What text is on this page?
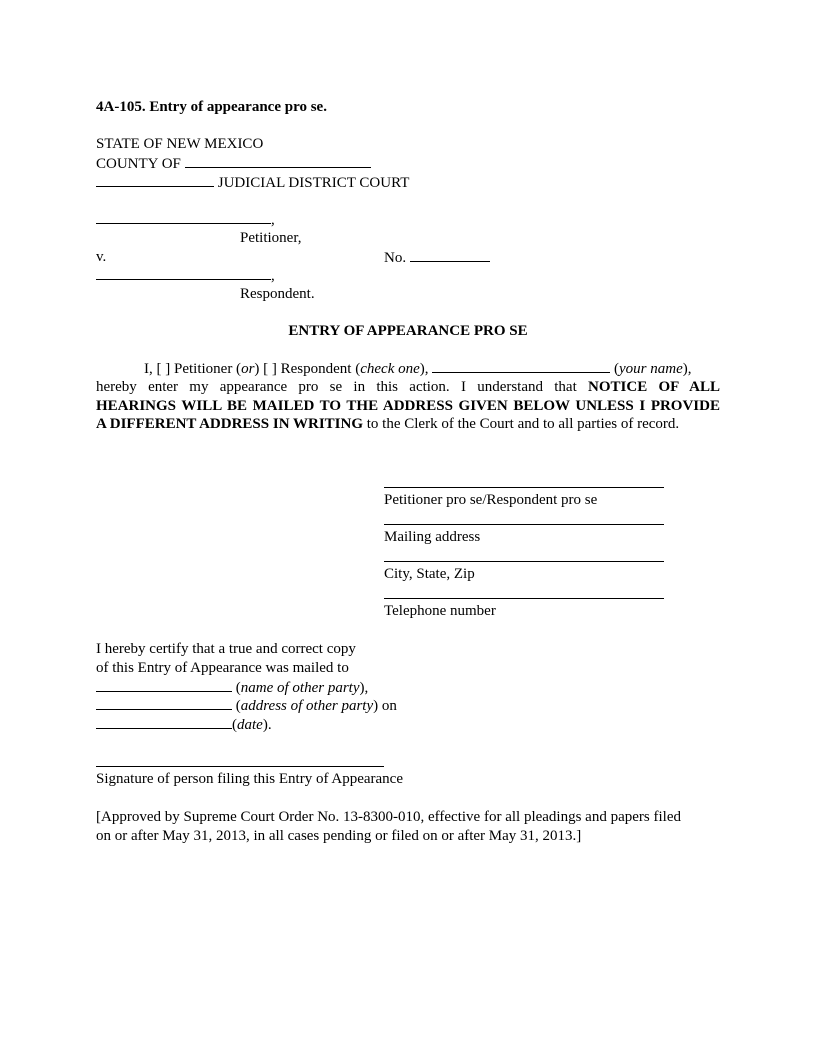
4A-105. Entry of appearance pro se.
STATE OF NEW MEXICO
COUNTY OF
JUDICIAL DISTRICT COURT
,
Petitioner,
v.	No.
,
Respondent.
ENTRY OF APPEARANCE PRO SE
I, [ ] Petitioner (or) [ ] Respondent (check one),	(your name),
hereby enter my appearance pro se in this action. I understand that NOTICE OF ALL
HEARINGS WILL BE MAILED TO THE ADDRESS GIVEN BELOW UNLESS I PROVIDE
A DIFFERENT ADDRESS IN WRITING to the Clerk of the Court and to all parties of record.
Petitioner pro se/Respondent pro se
Mailing address
City, State, Zip
Telephone number
I hereby certify that a true and correct copy
of this Entry of Appearance was mailed to
(name of other party),
(address of other party) on
(date).
Signature of person filing this Entry of Appearance
[Approved by Supreme Court Order No. 13-8300-010, effective for all pleadings and papers filed
on or after May 31, 2013, in all cases pending or filed on or after May 31, 2013.]
